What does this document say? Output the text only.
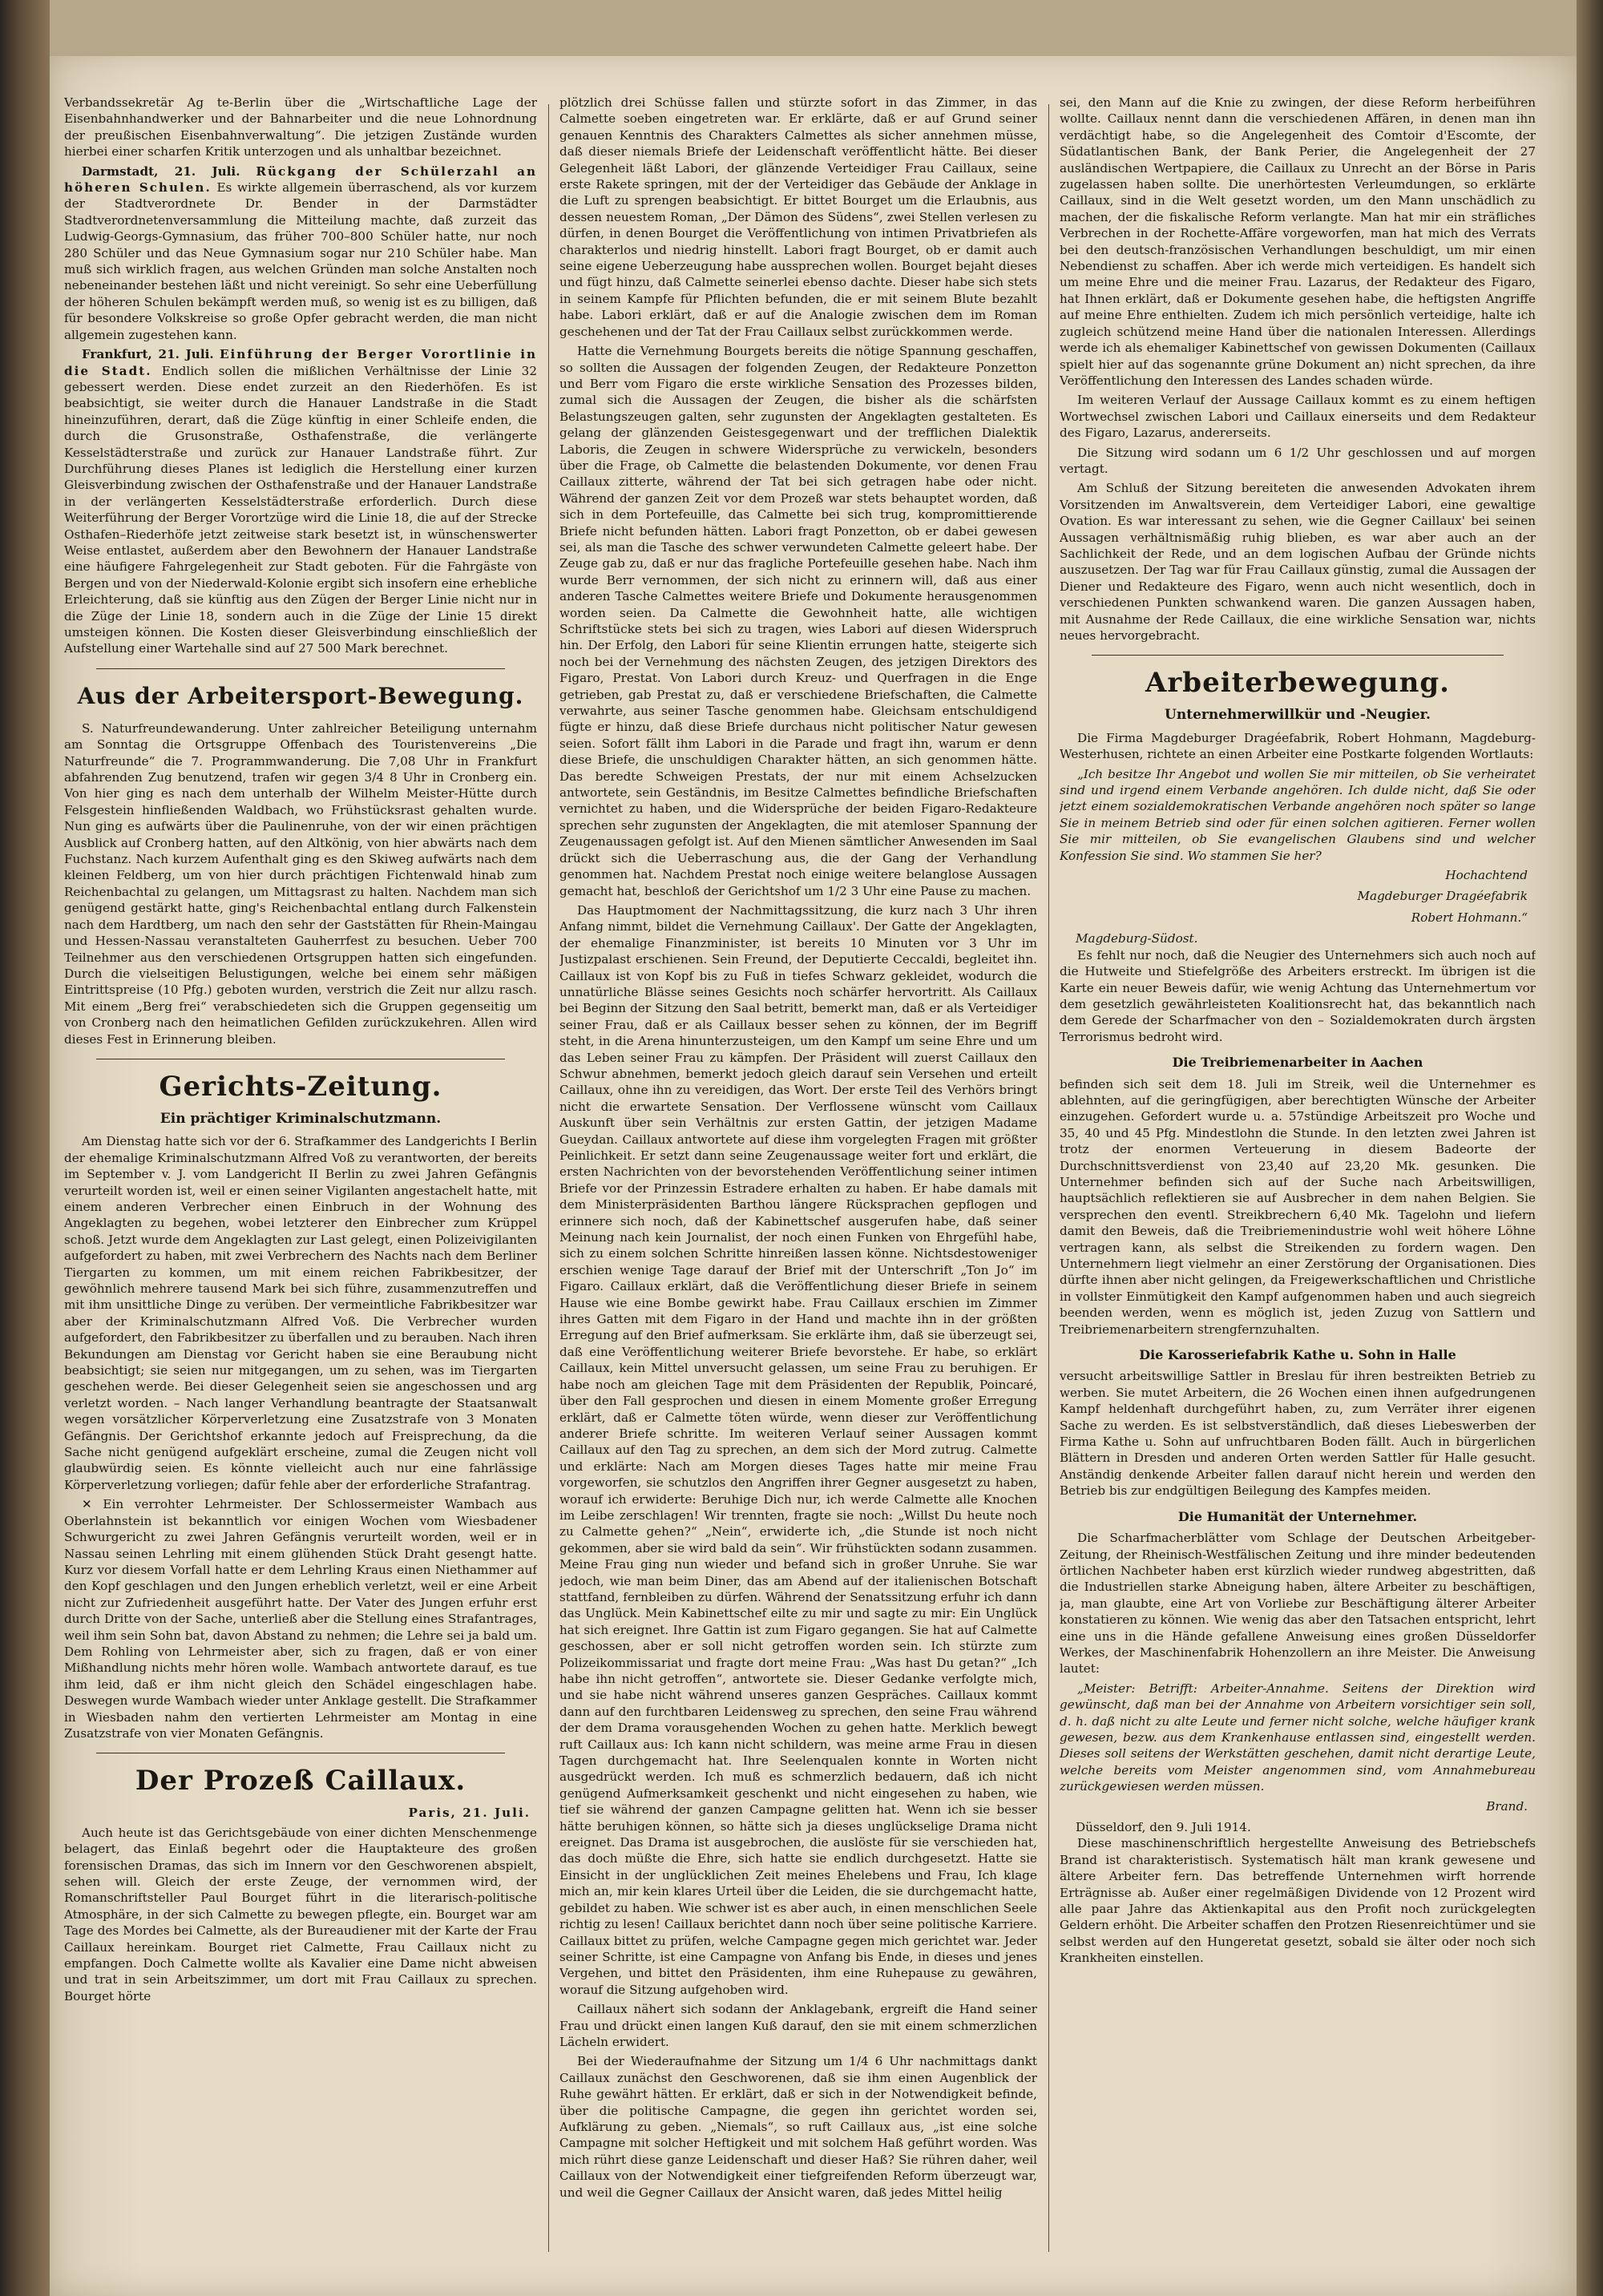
Verbandssekretär Ag te-Berlin über die „Wirtschaftliche Lage der Eisenbahnhandwerker und der Bahnarbeiter und die neue Lohnordnung der preußischen Eisenbahnverwaltung“. Die jetzigen Zustände wurden hierbei einer scharfen Kritik unterzogen und als unhaltbar bezeichnet.

Darmstadt, 21. Juli. Rückgang der Schülerzahl an höheren Schulen. Es wirkte allgemein überraschend, als vor kurzem der Stadtverordnete Dr. Bender in der Darmstädter Stadtverordnetenversammlung die Mitteilung machte, daß zurzeit das Ludwig-Georgs-Gymnasium, das früher 700–800 Schüler hatte, nur noch 280 Schüler und das Neue Gymnasium sogar nur 210 Schüler habe. Man muß sich wirklich fragen, aus welchen Gründen man solche Anstalten noch nebeneinander bestehen läßt und nicht vereinigt. So sehr eine Ueberfüllung der höheren Schulen bekämpft werden muß, so wenig ist es zu billigen, daß für besondere Volkskreise so große Opfer gebracht werden, die man nicht allgemein zugestehen kann.

Frankfurt, 21. Juli. Einführung der Berger Vorortlinie in die Stadt. Endlich sollen die mißlichen Verhältnisse der Linie 32 gebessert werden. Diese endet zurzeit an den Riederhöfen. Es ist beabsichtigt, sie weiter durch die Hanauer Landstraße in die Stadt hineinzuführen, derart, daß die Züge künftig in einer Schleife enden, die durch die Grusonstraße, Osthafenstraße, die verlängerte Kesselstädterstraße und zurück zur Hanauer Landstraße führt. Zur Durchführung dieses Planes ist lediglich die Herstellung einer kurzen Gleisverbindung zwischen der Osthafenstraße und der Hanauer Landstraße in der verlängerten Kesselstädterstraße erforderlich. Durch diese Weiterführung der Berger Vorortzüge wird die Linie 18, die auf der Strecke Osthafen–Riederhöfe jetzt zeitweise stark besetzt ist, in wünschenswerter Weise entlastet, außerdem aber den Bewohnern der Hanauer Landstraße eine häufigere Fahrgelegenheit zur Stadt geboten. Für die Fahrgäste von Bergen und von der Niederwald-Kolonie ergibt sich insofern eine erhebliche Erleichterung, daß sie künftig aus den Zügen der Berger Linie nicht nur in die Züge der Linie 18, sondern auch in die Züge der Linie 15 direkt umsteigen können. Die Kosten dieser Gleisverbindung einschließlich der Aufstellung einer Wartehalle sind auf 27 500 Mark berechnet.

Aus der Arbeitersport-Bewegung.

S. Naturfreundewanderung. Unter zahlreicher Beteiligung unternahm am Sonntag die Ortsgruppe Offenbach des Touristenvereins „Die Naturfreunde“ die 7. Programmwanderung. Die 7,08 Uhr in Frankfurt abfahrenden Zug benutzend, trafen wir gegen 3/4 8 Uhr in Cronberg ein. Von hier ging es nach dem unterhalb der Wilhelm Meister-Hütte durch Felsgestein hinfließenden Waldbach, wo Frühstücksrast gehalten wurde. Nun ging es aufwärts über die Paulinenruhe, von der wir einen prächtigen Ausblick auf Cronberg hatten, auf den Altkönig, von hier abwärts nach dem Fuchstanz. Nach kurzem Aufenthalt ging es den Skiweg aufwärts nach dem kleinen Feldberg, um von hier durch prächtigen Fichtenwald hinab zum Reichenbachtal zu gelangen, um Mittagsrast zu halten. Nachdem man sich genügend gestärkt hatte, ging's Reichenbachtal entlang durch Falkenstein nach dem Hardtberg, um nach den sehr der Gaststätten für Rhein-Maingau und Hessen-Nassau veranstalteten Gauherrfest zu besuchen. Ueber 700 Teilnehmer aus den verschiedenen Ortsgruppen hatten sich eingefunden. Durch die vielseitigen Belustigungen, welche bei einem sehr mäßigen Eintrittspreise (10 Pfg.) geboten wurden, verstrich die Zeit nur allzu rasch. Mit einem „Berg frei“ verabschiedeten sich die Gruppen gegenseitig um von Cronberg nach den heimatlichen Gefilden zurückzukehren. Allen wird dieses Fest in Erinnerung bleiben.

Gerichts-Zeitung.
Ein prächtiger Kriminalschutzmann.

Am Dienstag hatte sich vor der 6. Strafkammer des Landgerichts I Berlin der ehemalige Kriminalschutzmann Alfred Voß zu verantworten, der bereits im September v. J. vom Landgericht II Berlin zu zwei Jahren Gefängnis verurteilt worden ist, weil er einen seiner Vigilanten angestachelt hatte, mit einem anderen Verbrecher einen Einbruch in der Wohnung des Angeklagten zu begehen, wobei letzterer den Einbrecher zum Krüppel schoß. Jetzt wurde dem Angeklagten zur Last gelegt, einen Polizeivigilanten aufgefordert zu haben, mit zwei Verbrechern des Nachts nach dem Berliner Tiergarten zu kommen, um mit einem reichen Fabrikbesitzer, der gewöhnlich mehrere tausend Mark bei sich führe, zusammenzutreffen und mit ihm unsittliche Dinge zu verüben. Der vermeintliche Fabrikbesitzer war aber der Kriminalschutzmann Alfred Voß. Die Verbrecher wurden aufgefordert, den Fabrikbesitzer zu überfallen und zu berauben. Nach ihren Bekundungen am Dienstag vor Gericht haben sie eine Beraubung nicht beabsichtigt; sie seien nur mitgegangen, um zu sehen, was im Tiergarten geschehen werde. Bei dieser Gelegenheit seien sie angeschossen und arg verletzt worden. – Nach langer Verhandlung beantragte der Staatsanwalt wegen vorsätzlicher Körperverletzung eine Zusatzstrafe von 3 Monaten Gefängnis. Der Gerichtshof erkannte jedoch auf Freisprechung, da die Sache nicht genügend aufgeklärt erscheine, zumal die Zeugen nicht voll glaubwürdig seien. Es könnte vielleicht auch nur eine fahrlässige Körperverletzung vorliegen; dafür fehle aber der erforderliche Strafantrag.

✕ Ein verrohter Lehrmeister. Der Schlossermeister Wambach aus Oberlahnstein ist bekanntlich vor einigen Wochen vom Wiesbadener Schwurgericht zu zwei Jahren Gefängnis verurteilt worden, weil er in Nassau seinen Lehrling mit einem glühenden Stück Draht gesengt hatte. Kurz vor diesem Vorfall hatte er dem Lehrling Kraus einen Niethammer auf den Kopf geschlagen und den Jungen erheblich verletzt, weil er eine Arbeit nicht zur Zufriedenheit ausgeführt hatte. Der Vater des Jungen erfuhr erst durch Dritte von der Sache, unterließ aber die Stellung eines Strafantrages, weil ihm sein Sohn bat, davon Abstand zu nehmen; die Lehre sei ja bald um. Dem Rohling von Lehrmeister aber, sich zu fragen, daß er von einer Mißhandlung nichts mehr hören wolle. Wambach antwortete darauf, es tue ihm leid, daß er ihm nicht gleich den Schädel eingeschlagen habe. Deswegen wurde Wambach wieder unter Anklage gestellt. Die Strafkammer in Wiesbaden nahm den vertierten Lehrmeister am Montag in eine Zusatzstrafe von vier Monaten Gefängnis.

Der Prozeß Caillaux.
Paris, 21. Juli.

Auch heute ist das Gerichtsgebäude von einer dichten Menschenmenge belagert, das Einlaß begehrt oder die Hauptakteure des großen forensischen Dramas, das sich im Innern vor den Geschworenen abspielt, sehen will. Gleich der erste Zeuge, der vernommen wird, der Romanschriftsteller Paul Bourget führt in die literarisch-politische Atmosphäre, in der sich Calmette zu bewegen pflegte, ein. Bourget war am Tage des Mordes bei Calmette, als der Bureaudiener mit der Karte der Frau Caillaux hereinkam. Bourget riet Calmette, Frau Caillaux nicht zu empfangen. Doch Calmette wollte als Kavalier eine Dame nicht abweisen und trat in sein Arbeitszimmer, um dort mit Frau Caillaux zu sprechen. Bourget hörte

plötzlich drei Schüsse fallen und stürzte sofort in das Zimmer, in das Calmette soeben eingetreten war. Er erklärte, daß er auf Grund seiner genauen Kenntnis des Charakters Calmettes als sicher annehmen müsse, daß dieser niemals Briefe der Leidenschaft veröffentlicht hätte. Bei dieser Gelegenheit läßt Labori, der glänzende Verteidiger Frau Caillaux, seine erste Rakete springen, mit der der Verteidiger das Gebäude der Anklage in die Luft zu sprengen beabsichtigt. Er bittet Bourget um die Erlaubnis, aus dessen neuestem Roman, „Der Dämon des Südens“, zwei Stellen verlesen zu dürfen, in denen Bourget die Veröffentlichung von intimen Privatbriefen als charakterlos und niedrig hinstellt. Labori fragt Bourget, ob er damit auch seine eigene Ueberzeugung habe aussprechen wollen. Bourget bejaht dieses und fügt hinzu, daß Calmette seinerlei ebenso dachte. Dieser habe sich stets in seinem Kampfe für Pflichten befunden, die er mit seinem Blute bezahlt habe. Labori erklärt, daß er auf die Analogie zwischen dem im Roman geschehenen und der Tat der Frau Caillaux selbst zurückkommen werde.

Hatte die Vernehmung Bourgets bereits die nötige Spannung geschaffen, so sollten die Aussagen der folgenden Zeugen, der Redakteure Ponzetton und Berr vom Figaro die erste wirkliche Sensation des Prozesses bilden, zumal sich die Aussagen der Zeugen, die bisher als die schärfsten Belastungszeugen galten, sehr zugunsten der Angeklagten gestalteten. Es gelang der glänzenden Geistesgegenwart und der trefflichen Dialektik Laboris, die Zeugen in schwere Widersprüche zu verwickeln, besonders über die Frage, ob Calmette die belastenden Dokumente, vor denen Frau Caillaux zitterte, während der Tat bei sich getragen habe oder nicht. Während der ganzen Zeit vor dem Prozeß war stets behauptet worden, daß sich in dem Portefeuille, das Calmette bei sich trug, kompromittierende Briefe nicht befunden hätten. Labori fragt Ponzetton, ob er dabei gewesen sei, als man die Tasche des schwer verwundeten Calmette geleert habe. Der Zeuge gab zu, daß er nur das fragliche Portefeuille gesehen habe. Nach ihm wurde Berr vernommen, der sich nicht zu erinnern will, daß aus einer anderen Tasche Calmettes weitere Briefe und Dokumente herausgenommen worden seien. Da Calmette die Gewohnheit hatte, alle wichtigen Schriftstücke stets bei sich zu tragen, wies Labori auf diesen Widerspruch hin. Der Erfolg, den Labori für seine Klientin errungen hatte, steigerte sich noch bei der Vernehmung des nächsten Zeugen, des jetzigen Direktors des Figaro, Prestat. Von Labori durch Kreuz- und Querfragen in die Enge getrieben, gab Prestat zu, daß er verschiedene Briefschaften, die Calmette verwahrte, aus seiner Tasche genommen habe. Gleichsam entschuldigend fügte er hinzu, daß diese Briefe durchaus nicht politischer Natur gewesen seien. Sofort fällt ihm Labori in die Parade und fragt ihn, warum er denn diese Briefe, die unschuldigen Charakter hätten, an sich genommen hätte. Das beredte Schweigen Prestats, der nur mit einem Achselzucken antwortete, sein Geständnis, im Besitze Calmettes befindliche Briefschaften vernichtet zu haben, und die Widersprüche der beiden Figaro-Redakteure sprechen sehr zugunsten der Angeklagten, die mit atemloser Spannung der Zeugenaussagen gefolgt ist. Auf den Mienen sämtlicher Anwesenden im Saal drückt sich die Ueberraschung aus, die der Gang der Verhandlung genommen hat. Nachdem Prestat noch einige weitere belanglose Aussagen gemacht hat, beschloß der Gerichtshof um 1/2 3 Uhr eine Pause zu machen.

Das Hauptmoment der Nachmittagssitzung, die kurz nach 3 Uhr ihren Anfang nimmt, bildet die Vernehmung Caillaux'. Der Gatte der Angeklagten, der ehemalige Finanzminister, ist bereits 10 Minuten vor 3 Uhr im Justizpalast erschienen. Sein Freund, der Deputierte Ceccaldi, begleitet ihn. Caillaux ist von Kopf bis zu Fuß in tiefes Schwarz gekleidet, wodurch die unnatürliche Blässe seines Gesichts noch schärfer hervortritt. Als Caillaux bei Beginn der Sitzung den Saal betritt, bemerkt man, daß er als Verteidiger seiner Frau, daß er als Caillaux besser sehen zu können, der im Begriff steht, in die Arena hinunterzusteigen, um den Kampf um seine Ehre und um das Leben seiner Frau zu kämpfen. Der Präsident will zuerst Caillaux den Schwur abnehmen, bemerkt jedoch gleich darauf sein Versehen und erteilt Caillaux, ohne ihn zu vereidigen, das Wort. Der erste Teil des Verhörs bringt nicht die erwartete Sensation. Der Verflossene wünscht vom Caillaux Auskunft über sein Verhältnis zur ersten Gattin, der jetzigen Madame Gueydan. Caillaux antwortete auf diese ihm vorgelegten Fragen mit größter Peinlichkeit. Er setzt dann seine Zeugenaussage weiter fort und erklärt, die ersten Nachrichten von der bevorstehenden Veröffentlichung seiner intimen Briefe vor der Prinzessin Estradere erhalten zu haben. Er habe damals mit dem Ministerpräsidenten Barthou längere Rücksprachen gepflogen und erinnere sich noch, daß der Kabinettschef ausgerufen habe, daß seiner Meinung nach kein Journalist, der noch einen Funken von Ehrgefühl habe, sich zu einem solchen Schritte hinreißen lassen könne. Nichtsdestoweniger erschien wenige Tage darauf der Brief mit der Unterschrift „Ton Jo“ im Figaro. Caillaux erklärt, daß die Veröffentlichung dieser Briefe in seinem Hause wie eine Bombe gewirkt habe. Frau Caillaux erschien im Zimmer ihres Gatten mit dem Figaro in der Hand und machte ihn in der größten Erregung auf den Brief aufmerksam. Sie erklärte ihm, daß sie überzeugt sei, daß eine Veröffentlichung weiterer Briefe bevorstehe. Er habe, so erklärt Caillaux, kein Mittel unversucht gelassen, um seine Frau zu beruhigen. Er habe noch am gleichen Tage mit dem Präsidenten der Republik, Poincaré, über den Fall gesprochen und diesen in einem Momente großer Erregung erklärt, daß er Calmette töten würde, wenn dieser zur Veröffentlichung anderer Briefe schritte. Im weiteren Verlauf seiner Aussagen kommt Caillaux auf den Tag zu sprechen, an dem sich der Mord zutrug. Calmette und erklärte: Nach am Morgen dieses Tages hatte mir meine Frau vorgeworfen, sie schutzlos den Angriffen ihrer Gegner ausgesetzt zu haben, worauf ich erwiderte: Beruhige Dich nur, ich werde Calmette alle Knochen im Leibe zerschlagen! Wir trennten, fragte sie noch: „Willst Du heute noch zu Calmette gehen?“ „Nein“, erwiderte ich, „die Stunde ist noch nicht gekommen, aber sie wird bald da sein“. Wir frühstückten sodann zusammen. Meine Frau ging nun wieder und befand sich in großer Unruhe. Sie war jedoch, wie man beim Diner, das am Abend auf der italienischen Botschaft stattfand, fernbleiben zu dürfen. Während der Senatssitzung erfuhr ich dann das Unglück. Mein Kabinettschef eilte zu mir und sagte zu mir: Ein Unglück hat sich ereignet. Ihre Gattin ist zum Figaro gegangen. Sie hat auf Calmette geschossen, aber er soll nicht getroffen worden sein. Ich stürzte zum Polizeikommissariat und fragte dort meine Frau: „Was hast Du getan?“ „Ich habe ihn nicht getroffen“, antwortete sie. Dieser Gedanke verfolgte mich, und sie habe nicht während unseres ganzen Gespräches. Caillaux kommt dann auf den furchtbaren Leidensweg zu sprechen, den seine Frau während der dem Drama vorausgehenden Wochen zu gehen hatte. Merklich bewegt ruft Caillaux aus: Ich kann nicht schildern, was meine arme Frau in diesen Tagen durchgemacht hat. Ihre Seelenqualen konnte in Worten nicht ausgedrückt werden. Ich muß es schmerzlich bedauern, daß ich nicht genügend Aufmerksamkeit geschenkt und nicht eingesehen zu haben, wie tief sie während der ganzen Campagne gelitten hat. Wenn ich sie besser hätte beruhigen können, so hätte sich ja dieses unglückselige Drama nicht ereignet. Das Drama ist ausgebrochen, die auslöste für sie verschieden hat, das doch müßte die Ehre, sich hatte sie endlich durchgesetzt. Hatte sie Einsicht in der unglücklichen Zeit meines Ehelebens und Frau, Ich klage mich an, mir kein klares Urteil über die Leiden, die sie durchgemacht hatte, gebildet zu haben. Wie schwer ist es aber auch, in einen menschlichen Seele richtig zu lesen! Caillaux berichtet dann noch über seine politische Karriere. Caillaux bittet zu prüfen, welche Campagne gegen mich gerichtet war. Jeder seiner Schritte, ist eine Campagne von Anfang bis Ende, in dieses und jenes Vergehen, und bittet den Präsidenten, ihm eine Ruhepause zu gewähren, worauf die Sitzung aufgehoben wird.

Caillaux nähert sich sodann der Anklagebank, ergreift die Hand seiner Frau und drückt einen langen Kuß darauf, den sie mit einem schmerzlichen Lächeln erwidert.

Bei der Wiederaufnahme der Sitzung um 1/4 6 Uhr nachmittags dankt Caillaux zunächst den Geschworenen, daß sie ihm einen Augenblick der Ruhe gewährt hätten. Er erklärt, daß er sich in der Notwendigkeit befinde, über die politische Campagne, die gegen ihn gerichtet worden sei, Aufklärung zu geben. „Niemals“, so ruft Caillaux aus, „ist eine solche Campagne mit solcher Heftigkeit und mit solchem Haß geführt worden. Was mich rührt diese ganze Leidenschaft und dieser Haß? Sie rühren daher, weil Caillaux von der Notwendigkeit einer tiefgreifenden Reform überzeugt war, und weil die Gegner Caillaux der Ansicht waren, daß jedes Mittel heilig

sei, den Mann auf die Knie zu zwingen, der diese Reform herbeiführen wollte. Caillaux nennt dann die verschiedenen Affären, in denen man ihn verdächtigt habe, so die Angelegenheit des Comtoir d'Escomte, der Südatlantischen Bank, der Bank Perier, die Angelegenheit der 27 ausländischen Wertpapiere, die Caillaux zu Unrecht an der Börse in Paris zugelassen haben sollte. Die unerhörtesten Verleumdungen, so erklärte Caillaux, sind in die Welt gesetzt worden, um den Mann unschädlich zu machen, der die fiskalische Reform verlangte. Man hat mir ein sträfliches Verbrechen in der Rochette-Affäre vorgeworfen, man hat mich des Verrats bei den deutsch-französischen Verhandlungen beschuldigt, um mir einen Nebendienst zu schaffen. Aber ich werde mich verteidigen. Es handelt sich um meine Ehre und die meiner Frau. Lazarus, der Redakteur des Figaro, hat Ihnen erklärt, daß er Dokumente gesehen habe, die heftigsten Angriffe auf meine Ehre enthielten. Zudem ich mich persönlich verteidige, halte ich zugleich schützend meine Hand über die nationalen Interessen. Allerdings werde ich als ehemaliger Kabinettschef von gewissen Dokumenten (Caillaux spielt hier auf das sogenannte grüne Dokument an) nicht sprechen, da ihre Veröffentlichung den Interessen des Landes schaden würde.

Im weiteren Verlauf der Aussage Caillaux kommt es zu einem heftigen Wortwechsel zwischen Labori und Caillaux einerseits und dem Redakteur des Figaro, Lazarus, andererseits.

Die Sitzung wird sodann um 6 1/2 Uhr geschlossen und auf morgen vertagt.

Am Schluß der Sitzung bereiteten die anwesenden Advokaten ihrem Vorsitzenden im Anwaltsverein, dem Verteidiger Labori, eine gewaltige Ovation. Es war interessant zu sehen, wie die Gegner Caillaux' bei seinen Aussagen verhältnismäßig ruhig blieben, es war aber auch an der Sachlichkeit der Rede, und an dem logischen Aufbau der Gründe nichts auszusetzen. Der Tag war für Frau Caillaux günstig, zumal die Aussagen der Diener und Redakteure des Figaro, wenn auch nicht wesentlich, doch in verschiedenen Punkten schwankend waren. Die ganzen Aussagen haben, mit Ausnahme der Rede Caillaux, die eine wirkliche Sensation war, nichts neues hervorgebracht.

Arbeiterbewegung.
Unternehmerwillkür und -Neugier.

Die Firma Magdeburger Dragéefabrik, Robert Hohmann, Magdeburg-Westerhusen, richtete an einen Arbeiter eine Postkarte folgenden Wortlauts:

„Ich besitze Ihr Angebot und wollen Sie mir mitteilen, ob Sie verheiratet sind und irgend einem Verbande angehören. Ich dulde nicht, daß Sie oder jetzt einem sozialdemokratischen Verbande angehören noch später so lange Sie in meinem Betrieb sind oder für einen solchen agitieren. Ferner wollen Sie mir mitteilen, ob Sie evangelischen Glaubens sind und welcher Konfession Sie sind. Wo stammen Sie her?

Hochachtend
Magdeburger Dragéefabrik
Robert Hohmann.“
Magdeburg-Südost.

Es fehlt nur noch, daß die Neugier des Unternehmers sich auch noch auf die Hutweite und Stiefelgröße des Arbeiters erstreckt. Im übrigen ist die Karte ein neuer Beweis dafür, wie wenig Achtung das Unternehmertum vor dem gesetzlich gewährleisteten Koalitionsrecht hat, das bekanntlich nach dem Gerede der Scharfmacher von den – Sozialdemokraten durch ärgsten Terrorismus bedroht wird.

Die Treibriemenarbeiter in Aachen

befinden sich seit dem 18. Juli im Streik, weil die Unternehmer es ablehnten, auf die geringfügigen, aber berechtigten Wünsche der Arbeiter einzugehen. Gefordert wurde u. a. 57stündige Arbeitszeit pro Woche und 35, 40 und 45 Pfg. Mindestlohn die Stunde. In den letzten zwei Jahren ist trotz der enormen Verteuerung in diesem Badeorte der Durchschnittsverdienst von 23,40 auf 23,20 Mk. gesunken. Die Unternehmer befinden sich auf der Suche nach Arbeitswilligen, hauptsächlich reflektieren sie auf Ausbrecher in dem nahen Belgien. Sie versprechen den eventl. Streikbrechern 6,40 Mk. Tagelohn und liefern damit den Beweis, daß die Treibriemenindustrie wohl weit höhere Löhne vertragen kann, als selbst die Streikenden zu fordern wagen. Den Unternehmern liegt vielmehr an einer Zerstörung der Organisationen. Dies dürfte ihnen aber nicht gelingen, da Freigewerkschaftlichen und Christliche in vollster Einmütigkeit den Kampf aufgenommen haben und auch siegreich beenden werden, wenn es möglich ist, jeden Zuzug von Sattlern und Treibriemenarbeitern strengfernzuhalten.

Die Karosseriefabrik Kathe u. Sohn in Halle

versucht arbeitswillige Sattler in Breslau für ihren bestreikten Betrieb zu werben. Sie mutet Arbeitern, die 26 Wochen einen ihnen aufgedrungenen Kampf heldenhaft durchgeführt haben, zu, zum Verräter ihrer eigenen Sache zu werden. Es ist selbstverständlich, daß dieses Liebeswerben der Firma Kathe u. Sohn auf unfruchtbaren Boden fällt. Auch in bürgerlichen Blättern in Dresden und anderen Orten werden Sattler für Halle gesucht. Anständig denkende Arbeiter fallen darauf nicht herein und werden den Betrieb bis zur endgültigen Beilegung des Kampfes meiden.

Die Humanität der Unternehmer.

Die Scharfmacherblätter vom Schlage der Deutschen Arbeitgeber-Zeitung, der Rheinisch-Westfälischen Zeitung und ihre minder bedeutenden örtlichen Nachbeter haben erst kürzlich wieder rundweg abgestritten, daß die Industriellen starke Abneigung haben, ältere Arbeiter zu beschäftigen, ja, man glaubte, eine Art von Vorliebe zur Beschäftigung älterer Arbeiter konstatieren zu können. Wie wenig das aber den Tatsachen entspricht, lehrt eine uns in die Hände gefallene Anweisung eines großen Düsseldorfer Werkes, der Maschinenfabrik Hohenzollern an ihre Meister. Die Anweisung lautet:

„Meister: Betrifft: Arbeiter-Annahme. Seitens der Direktion wird gewünscht, daß man bei der Annahme von Arbeitern vorsichtiger sein soll, d. h. daß nicht zu alte Leute und ferner nicht solche, welche häufiger krank gewesen, bezw. aus dem Krankenhause entlassen sind, eingestellt werden. Dieses soll seitens der Werkstätten geschehen, damit nicht derartige Leute, welche bereits vom Meister angenommen sind, vom Annahmebureau zurückgewiesen werden müssen.

Brand.
Düsseldorf, den 9. Juli 1914.

Diese maschinenschriftlich hergestellte Anweisung des Betriebschefs Brand ist charakteristisch. Systematisch hält man krank gewesene und ältere Arbeiter fern. Das betreffende Unternehmen wirft horrende Erträgnisse ab. Außer einer regelmäßigen Dividende von 12 Prozent wird alle paar Jahre das Aktienkapital aus den Profit noch zurückgelegten Geldern erhöht. Die Arbeiter schaffen den Protzen Riesenreichtümer und sie selbst werden auf den Hungeretat gesetzt, sobald sie älter oder noch sich Krankheiten einstellen.
